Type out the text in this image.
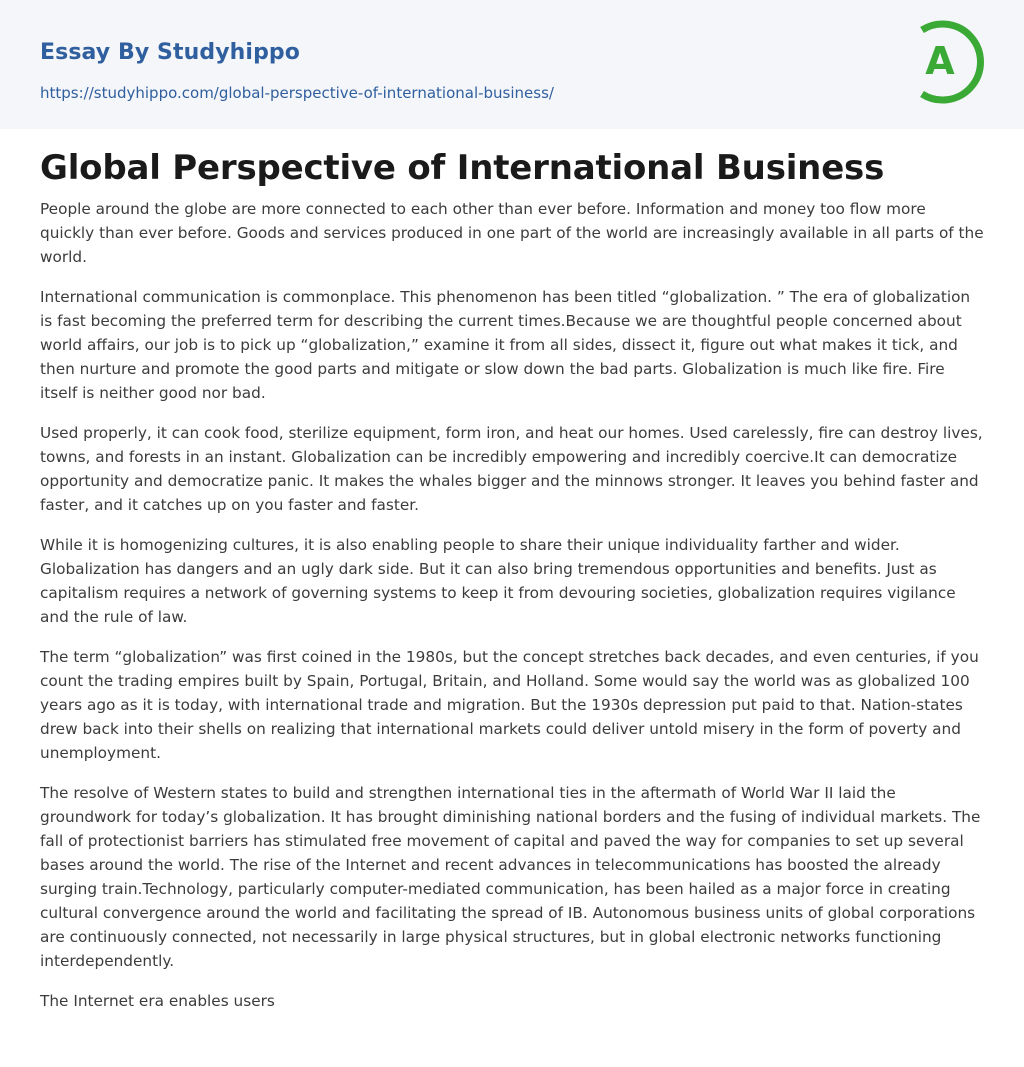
Essay By Studyhippo
https://studyhippo.com/global-perspective-of-international-business/
A
Global Perspective of International Business

People around the globe are more connected to each other than ever before. Information and money too flow more quickly than ever before. Goods and services produced in one part of the world are increasingly available in all parts of the world.

International communication is commonplace. This phenomenon has been titled “globalization. ” The era of globalization is fast becoming the preferred term for describing the current times.Because we are thoughtful people concerned about world affairs, our job is to pick up “globalization,” examine it from all sides, dissect it, figure out what makes it tick, and then nurture and promote the good parts and mitigate or slow down the bad parts. Globalization is much like fire. Fire itself is neither good nor bad.

Used properly, it can cook food, sterilize equipment, form iron, and heat our homes. Used carelessly, fire can destroy lives, towns, and forests in an instant. Globalization can be incredibly empowering and incredibly coercive.It can democratize opportunity and democratize panic. It makes the whales bigger and the minnows stronger. It leaves you behind faster and faster, and it catches up on you faster and faster.

While it is homogenizing cultures, it is also enabling people to share their unique individuality farther and wider. Globalization has dangers and an ugly dark side. But it can also bring tremendous opportunities and benefits. Just as capitalism requires a network of governing systems to keep it from devouring societies, globalization requires vigilance and the rule of law.

The term “globalization” was first coined in the 1980s, but the concept stretches back decades, and even centuries, if you count the trading empires built by Spain, Portugal, Britain, and Holland. Some would say the world was as globalized 100 years ago as it is today, with international trade and migration. But the 1930s depression put paid to that. Nation-states drew back into their shells on realizing that international markets could deliver untold misery in the form of poverty and unemployment.

The resolve of Western states to build and strengthen international ties in the aftermath of World War II laid the groundwork for today’s globalization. It has brought diminishing national borders and the fusing of individual markets. The fall of protectionist barriers has stimulated free movement of capital and paved the way for companies to set up several bases around the world. The rise of the Internet and recent advances in telecommunications has boosted the already surging train.Technology, particularly computer-mediated communication, has been hailed as a major force in creating cultural convergence around the world and facilitating the spread of IB. Autonomous business units of global corporations are continuously connected, not necessarily in large physical structures, but in global electronic networks functioning interdependently.

The Internet era enables users
